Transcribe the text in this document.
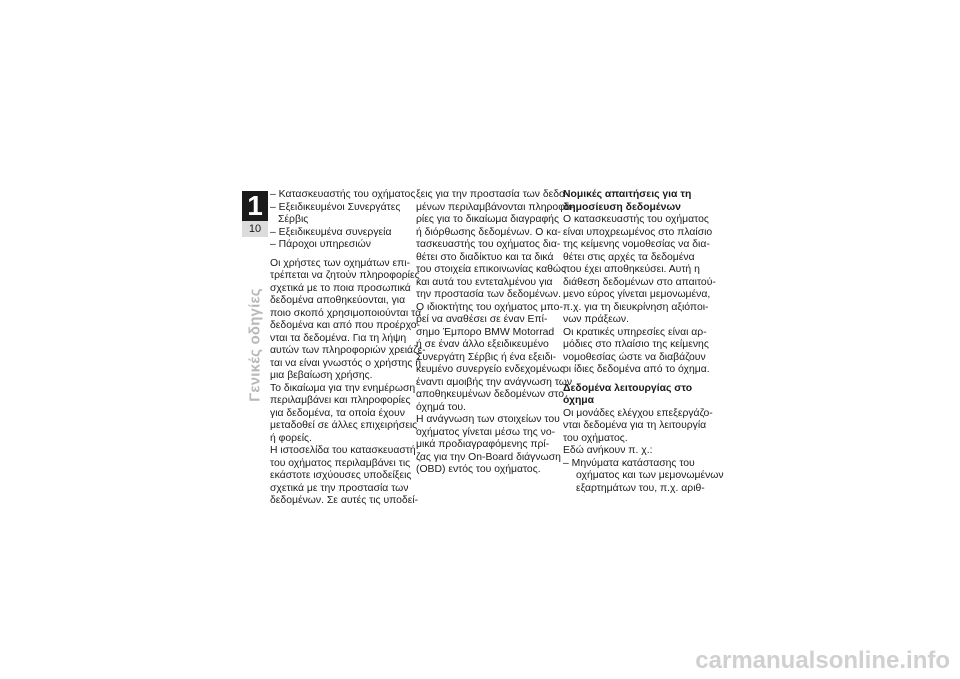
1
10
Γενικές οδηγίες
– Κατασκευαστής του οχήματος
– Εξειδικευμένοι Συνεργάτες
Σέρβις
– Εξειδικευμένα συνεργεία
– Πάροχοι υπηρεσιών
Οι χρήστες των οχημάτων επι-
τρέπεται να ζητούν πληροφορίες
σχετικά με το ποια προσωπικά
δεδομένα αποθηκεύονται, για
ποιο σκοπό χρησιμοποιούνται τα
δεδομένα και από που προέρχο-
νται τα δεδομένα. Για τη λήψη
αυτών των πληροφοριών χρειάζε-
ται να είναι γνωστός ο χρήστης ή
μια βεβαίωση χρήσης.
Το δικαίωμα για την ενημέρωση
περιλαμβάνει και πληροφορίες
για δεδομένα, τα οποία έχουν
μεταδοθεί σε άλλες επιχειρήσεις
ή φορείς.
Η ιστοσελίδα του κατασκευαστή
του οχήματος περιλαμβάνει τις
εκάστοτε ισχύουσες υποδείξεις
σχετικά με την προστασία των
δεδομένων. Σε αυτές τις υποδεί-
ξεις για την προστασία των δεδο-
μένων περιλαμβάνονται πληροφο-
ρίες για το δικαίωμα διαγραφής
ή διόρθωσης δεδομένων. Ο κα-
τασκευαστής του οχήματος δια-
θέτει στο διαδίκτυο και τα δικά
του στοιχεία επικοινωνίας καθώς
και αυτά του εντεταλμένου για
την προστασία των δεδομένων.
Ο ιδιοκτήτης του οχήματος μπο-
ρεί να αναθέσει σε έναν Επί-
σημο Έμπορο BMW Motorrad
ή σε έναν άλλο εξειδικευμένο
Συνεργάτη Σέρβις ή ένα εξειδι-
κευμένο συνεργείο ενδεχομένως
έναντι αμοιβής την ανάγνωση των
αποθηκευμένων δεδομένων στο
όχημά του.
Η ανάγνωση των στοιχείων του
οχήματος γίνεται μέσω της νο-
μικά προδιαγραφόμενης πρί-
ζας για την On-Board διάγνωση
(OBD) εντός του οχήματος.
Νομικές απαιτήσεις για τη
δημοσίευση δεδομένων
Ο κατασκευαστής του οχήματος
είναι υποχρεωμένος στο πλαίσιο
της κείμενης νομοθεσίας να δια-
θέτει στις αρχές τα δεδομένα
που έχει αποθηκεύσει. Αυτή η
διάθεση δεδομένων στο απαιτού-
μενο εύρος γίνεται μεμονωμένα,
π.χ. για τη διευκρίνηση αξιόποι-
νων πράξεων.
Οι κρατικές υπηρεσίες είναι αρ-
μόδιες στο πλαίσιο της κείμενης
νομοθεσίας ώστε να διαβάζουν
οι ίδιες δεδομένα από το όχημα.
Δεδομένα λειτουργίας στο
όχημα
Οι μονάδες ελέγχου επεξεργάζο-
νται δεδομένα για τη λειτουργία
του οχήματος.
Εδώ ανήκουν π. χ.:
– Μηνύματα κατάστασης του
οχήματος και των μεμονωμένων
εξαρτημάτων του, π.χ. αριθ-
carmanualsonline.info
